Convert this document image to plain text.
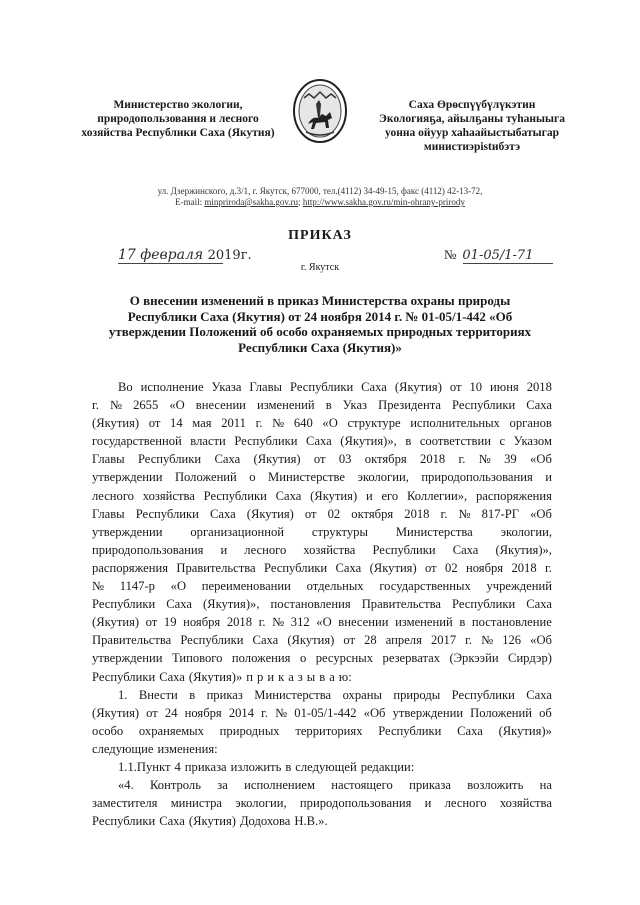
Министерство экологии,
природопользования и лесного
хозяйства Республики Саха (Якутия)
Саха Өрөспүүбүлүкэтин
Экологияҕа, айылҕаны туһаныыга
уонна ойуур хаһаайыстыбатыгар
министиэрistибэтэ
ул. Дзержинского, д.3/1, г. Якутск, 677000, тел.(4112) 34-49-15, факс (4112) 42-13-72,
E-mail: minpriroda@sakha.gov.ru; http://www.sakha.gov.ru/min-ohrany-prirody
ПРИКАЗ
17 февраля 2019г.	№ 01-05/1-71
г. Якутск
О внесении изменений в приказ Министерства охраны природы
Республики Саха (Якутия) от 24 ноября 2014 г. № 01-05/1-442 «Об
утверждении Положений об особо охраняемых природных территориях
Республики Саха (Якутия)»
Во исполнение Указа Главы Республики Саха (Якутия) от 10 июня 2018
г. № 2655 «О внесении изменений в Указ Президента Республики Саха
(Якутия) от 14 мая 2011 г. № 640 «О структуре исполнительных органов
государственной власти Республики Саха (Якутия)», в соответствии с Указом
Главы Республики Саха (Якутия) от 03 октября 2018 г. № 39 «Об
утверждении Положений о Министерстве экологии, природопользования и
лесного хозяйства Республики Саха (Якутия) и его Коллегии», распоряжения
Главы Республики Саха (Якутия) от 02 октября 2018 г. № 817-РГ «Об
утверждении организационной структуры Министерства экологии,
природопользования и лесного хозяйства Республики Саха (Якутия)»,
распоряжения Правительства Республики Саха (Якутия) от 02 ноября 2018 г.
№ 1147-р «О переименовании отдельных государственных учреждений
Республики Саха (Якутия)», постановления Правительства Республики Саха
(Якутия) от 19 ноября 2018 г. № 312 «О внесении изменений в постановление
Правительства Республики Саха (Якутия) от 28 апреля 2017 г. № 126 «Об
утверждении Типового положения о ресурсных резерватах (Эркээйи Сирдэр)
Республики Саха (Якутия)» п р и к а з ы в а ю:
1. Внести в приказ Министерства охраны природы Республики Саха
(Якутия) от 24 ноября 2014 г. № 01-05/1-442 «Об утверждении Положений об
особо охраняемых природных территориях Республики Саха (Якутия)»
следующие изменения:
1.1.Пункт 4 приказа изложить в следующей редакции:
«4. Контроль за исполнением настоящего приказа возложить на
заместителя министра экологии, природопользования и лесного хозяйства
Республики Саха (Якутия) Додохова Н.В.».
